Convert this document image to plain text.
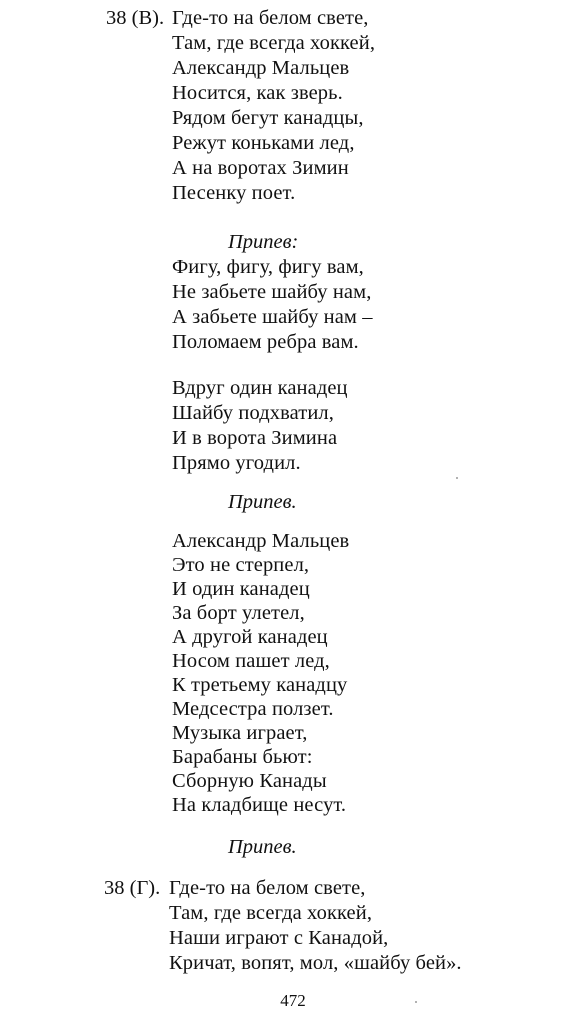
38 (В). Где-то на белом свете,
Там, где всегда хоккей,
Александр Мальцев
Носится, как зверь.
Рядом бегут канадцы,
Режут коньками лед,
А на воротах Зимин
Песенку поет.
Припев:
Фигу, фигу, фигу вам,
Не забьете шайбу нам,
А забьете шайбу нам –
Поломаем ребра вам.
Вдруг один канадец
Шайбу подхватил,
И в ворота Зимина
Прямо угодил.
Припев.
Александр Мальцев
Это не стерпел,
И один канадец
За борт улетел,
А другой канадец
Носом пашет лед,
К третьему канадцу
Медсестра ползет.
Музыка играет,
Барабаны бьют:
Сборную Канады
На кладбище несут.
Припев.
38 (Г). Где-то на белом свете,
Там, где всегда хоккей,
Наши играют с Канадой,
Кричат, вопят, мол, «шайбу бей».
472
